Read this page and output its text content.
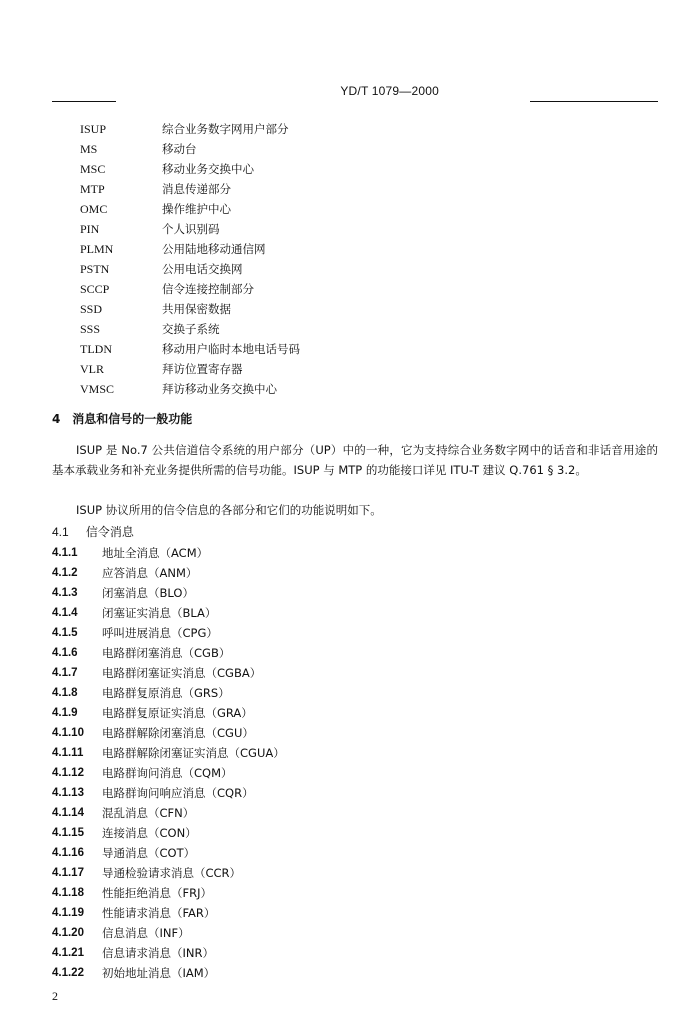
YD/T 1079—2000
ISUP	综合业务数字网用户部分
MS	移动台
MSC	移动业务交换中心
MTP	消息传递部分
OMC	操作维护中心
PIN	个人识别码
PLMN	公用陆地移动通信网
PSTN	公用电话交换网
SCCP	信令连接控制部分
SSD	共用保密数据
SSS	交换子系统
TLDN	移动用户临时本地电话号码
VLR	拜访位置寄存器
VMSC	拜访移动业务交换中心
4 消息和信号的一般功能
ISUP 是 No.7 公共信道信令系统的用户部分（UP）中的一种，它为支持综合业务数字网中的话音和非话音用途的基本承载业务和补充业务提供所需的信号功能。ISUP 与 MTP 的功能接口详见 ITU-T 建议 Q.761 § 3.2。
ISUP 协议所用的信令信息的各部分和它们的功能说明如下。
4.1 信令消息
4.1.1 地址全消息（ACM）
4.1.2 应答消息（ANM）
4.1.3 闭塞消息（BLO）
4.1.4 闭塞证实消息（BLA）
4.1.5 呼叫进展消息（CPG）
4.1.6 电路群闭塞消息（CGB）
4.1.7 电路群闭塞证实消息（CGBA）
4.1.8 电路群复原消息（GRS）
4.1.9 电路群复原证实消息（GRA）
4.1.10 电路群解除闭塞消息（CGU）
4.1.11 电路群解除闭塞证实消息（CGUA）
4.1.12 电路群询问消息（CQM）
4.1.13 电路群询问响应消息（CQR）
4.1.14 混乱消息（CFN）
4.1.15 连接消息（CON）
4.1.16 导通消息（COT）
4.1.17 导通检验请求消息（CCR）
4.1.18 性能拒绝消息（FRJ）
4.1.19 性能请求消息（FAR）
4.1.20 信息消息（INF）
4.1.21 信息请求消息（INR）
4.1.22 初始地址消息（IAM）
2
